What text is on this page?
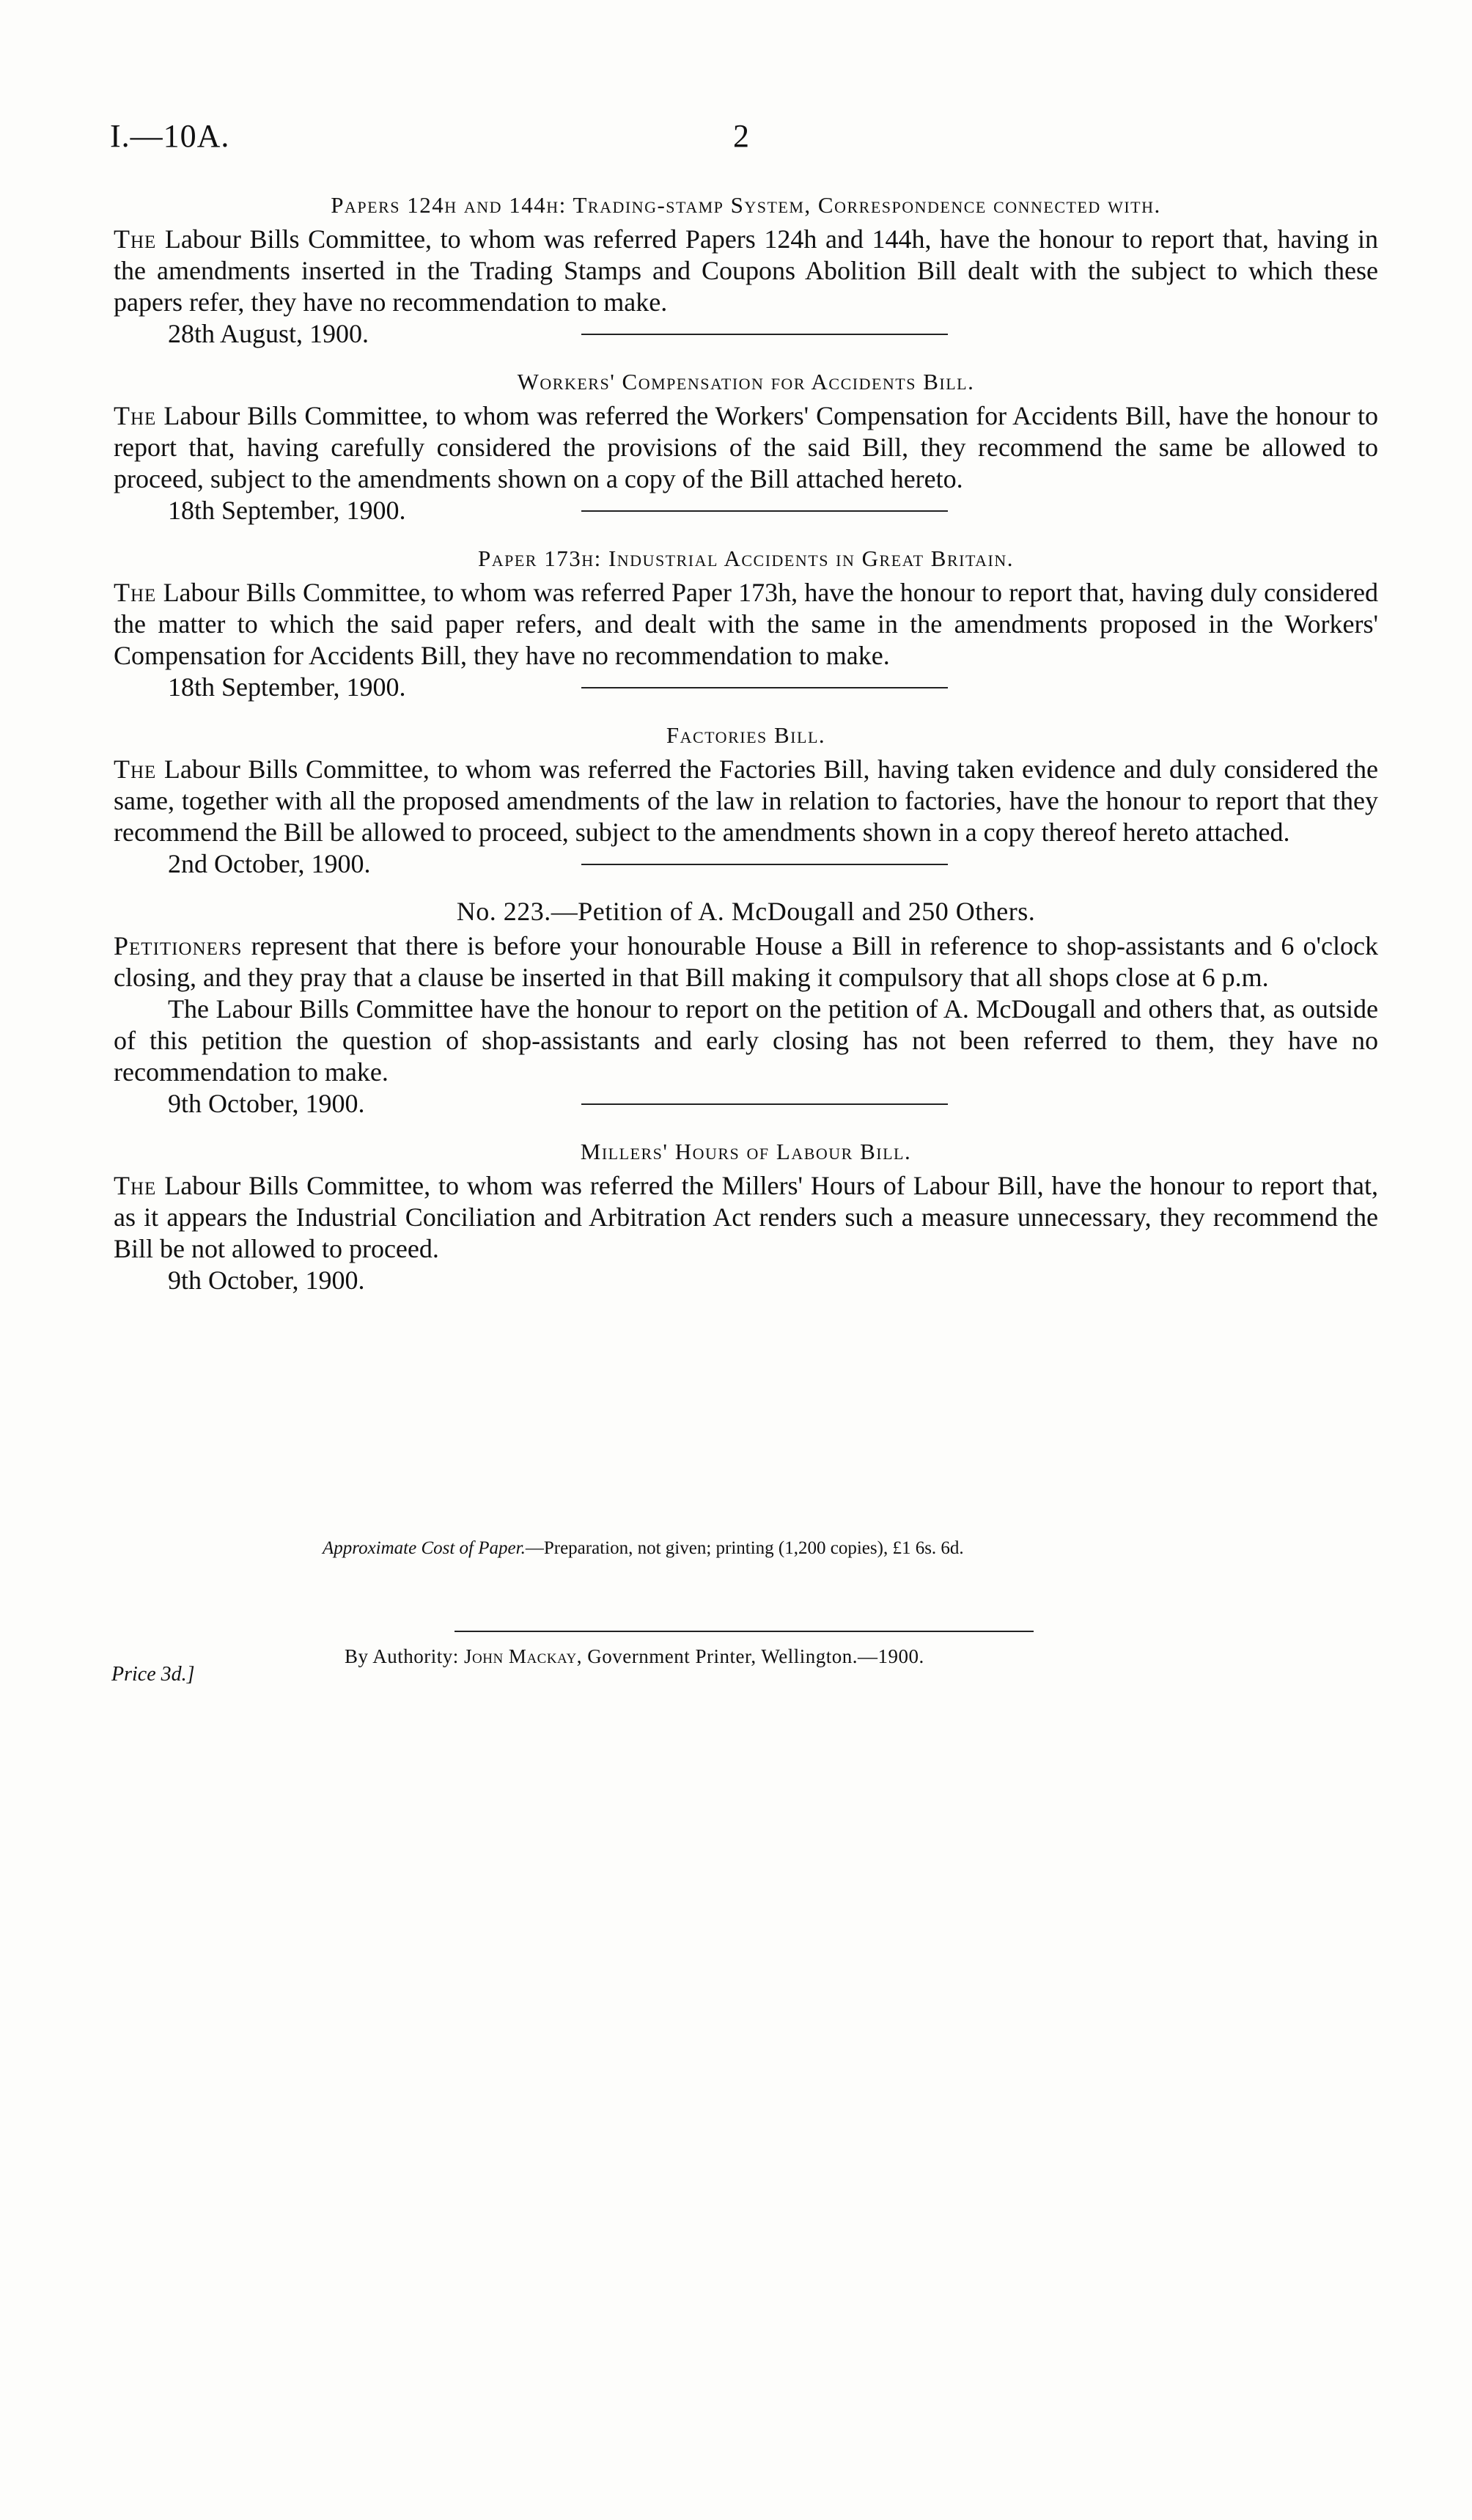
I.—10A.	2

Papers 124h and 144h: Trading-stamp System, Correspondence connected with.

The Labour Bills Committee, to whom was referred Papers 124h and 144h, have the honour to report that, having in the amendments inserted in the Trading Stamps and Coupons Abolition Bill dealt with the subject to which these papers refer, they have no recommendation to make.

28th August, 1900.

Workers' Compensation for Accidents Bill.

The Labour Bills Committee, to whom was referred the Workers' Compensation for Accidents Bill, have the honour to report that, having carefully considered the provisions of the said Bill, they recommend the same be allowed to proceed, subject to the amendments shown on a copy of the Bill attached hereto.

18th September, 1900.

Paper 173h: Industrial Accidents in Great Britain.

The Labour Bills Committee, to whom was referred Paper 173h, have the honour to report that, having duly considered the matter to which the said paper refers, and dealt with the same in the amendments proposed in the Workers' Compensation for Accidents Bill, they have no recommendation to make.

18th September, 1900.

Factories Bill.

The Labour Bills Committee, to whom was referred the Factories Bill, having taken evidence and duly considered the same, together with all the proposed amendments of the law in relation to factories, have the honour to report that they recommend the Bill be allowed to proceed, subject to the amendments shown in a copy thereof hereto attached.

2nd October, 1900.

No. 223.—Petition of A. McDougall and 250 Others.

Petitioners represent that there is before your honourable House a Bill in reference to shop-assistants and 6 o'clock closing, and they pray that a clause be inserted in that Bill making it compulsory that all shops close at 6 p.m.

The Labour Bills Committee have the honour to report on the petition of A. McDougall and others that, as outside of this petition the question of shop-assistants and early closing has not been referred to them, they have no recommendation to make.

9th October, 1900.

Millers' Hours of Labour Bill.

The Labour Bills Committee, to whom was referred the Millers' Hours of Labour Bill, have the honour to report that, as it appears the Industrial Conciliation and Arbitration Act renders such a measure unnecessary, they recommend the Bill be not allowed to proceed.

9th October, 1900.
Approximate Cost of Paper.—Preparation, not given; printing (1,200 copies), £1 6s. 6d.
By Authority: John Mackay, Government Printer, Wellington.—1900.
Price 3d.]
